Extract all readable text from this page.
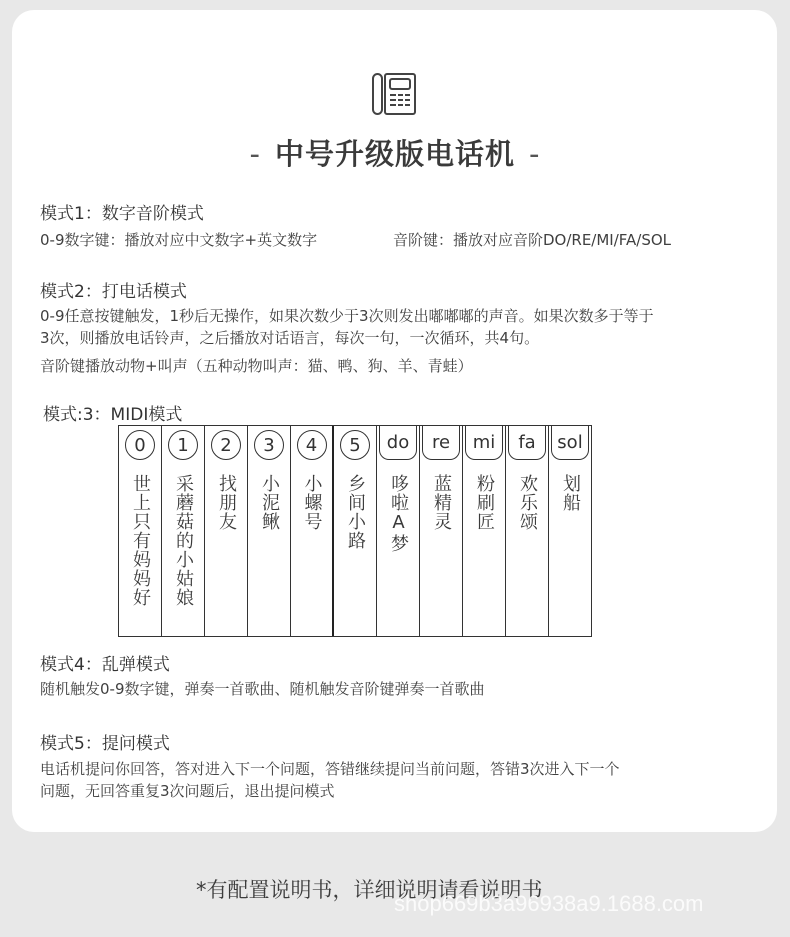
- 中号升级版电话机 -
模式1：数字音阶模式
0-9数字键：播放对应中文数字+英文数字	音阶键：播放对应音阶DO/RE/MI/FA/SOL
模式2：打电话模式
0-9任意按键触发，1秒后无操作，如果次数少于3次则发出嘟嘟嘟的声音。如果次数多于等于
3次，则播放电话铃声，之后播放对话语言，每次一句，一次循环，共4句。
音阶键播放动物+叫声（五种动物叫声：猫、鸭、狗、羊、青蛙）
模式:3：MIDI模式
0
世上只有妈妈好
1
采蘑菇的小姑娘
2
找朋友
3
小泥鳅
4
小螺号
5
乡间小路
do
哆啦A梦
re
蓝精灵
mi
粉刷匠
fa
欢乐颂
sol
划船
模式4：乱弹模式
随机触发0-9数字键，弹奏一首歌曲、随机触发音阶键弹奏一首歌曲
模式5：提问模式
电话机提问你回答，答对进入下一个问题，答错继续提问当前问题，答错3次进入下一个
问题，无回答重复3次问题后，退出提问模式
*有配置说明书，详细说明请看说明书
shop669b3a96938a9.1688.com
